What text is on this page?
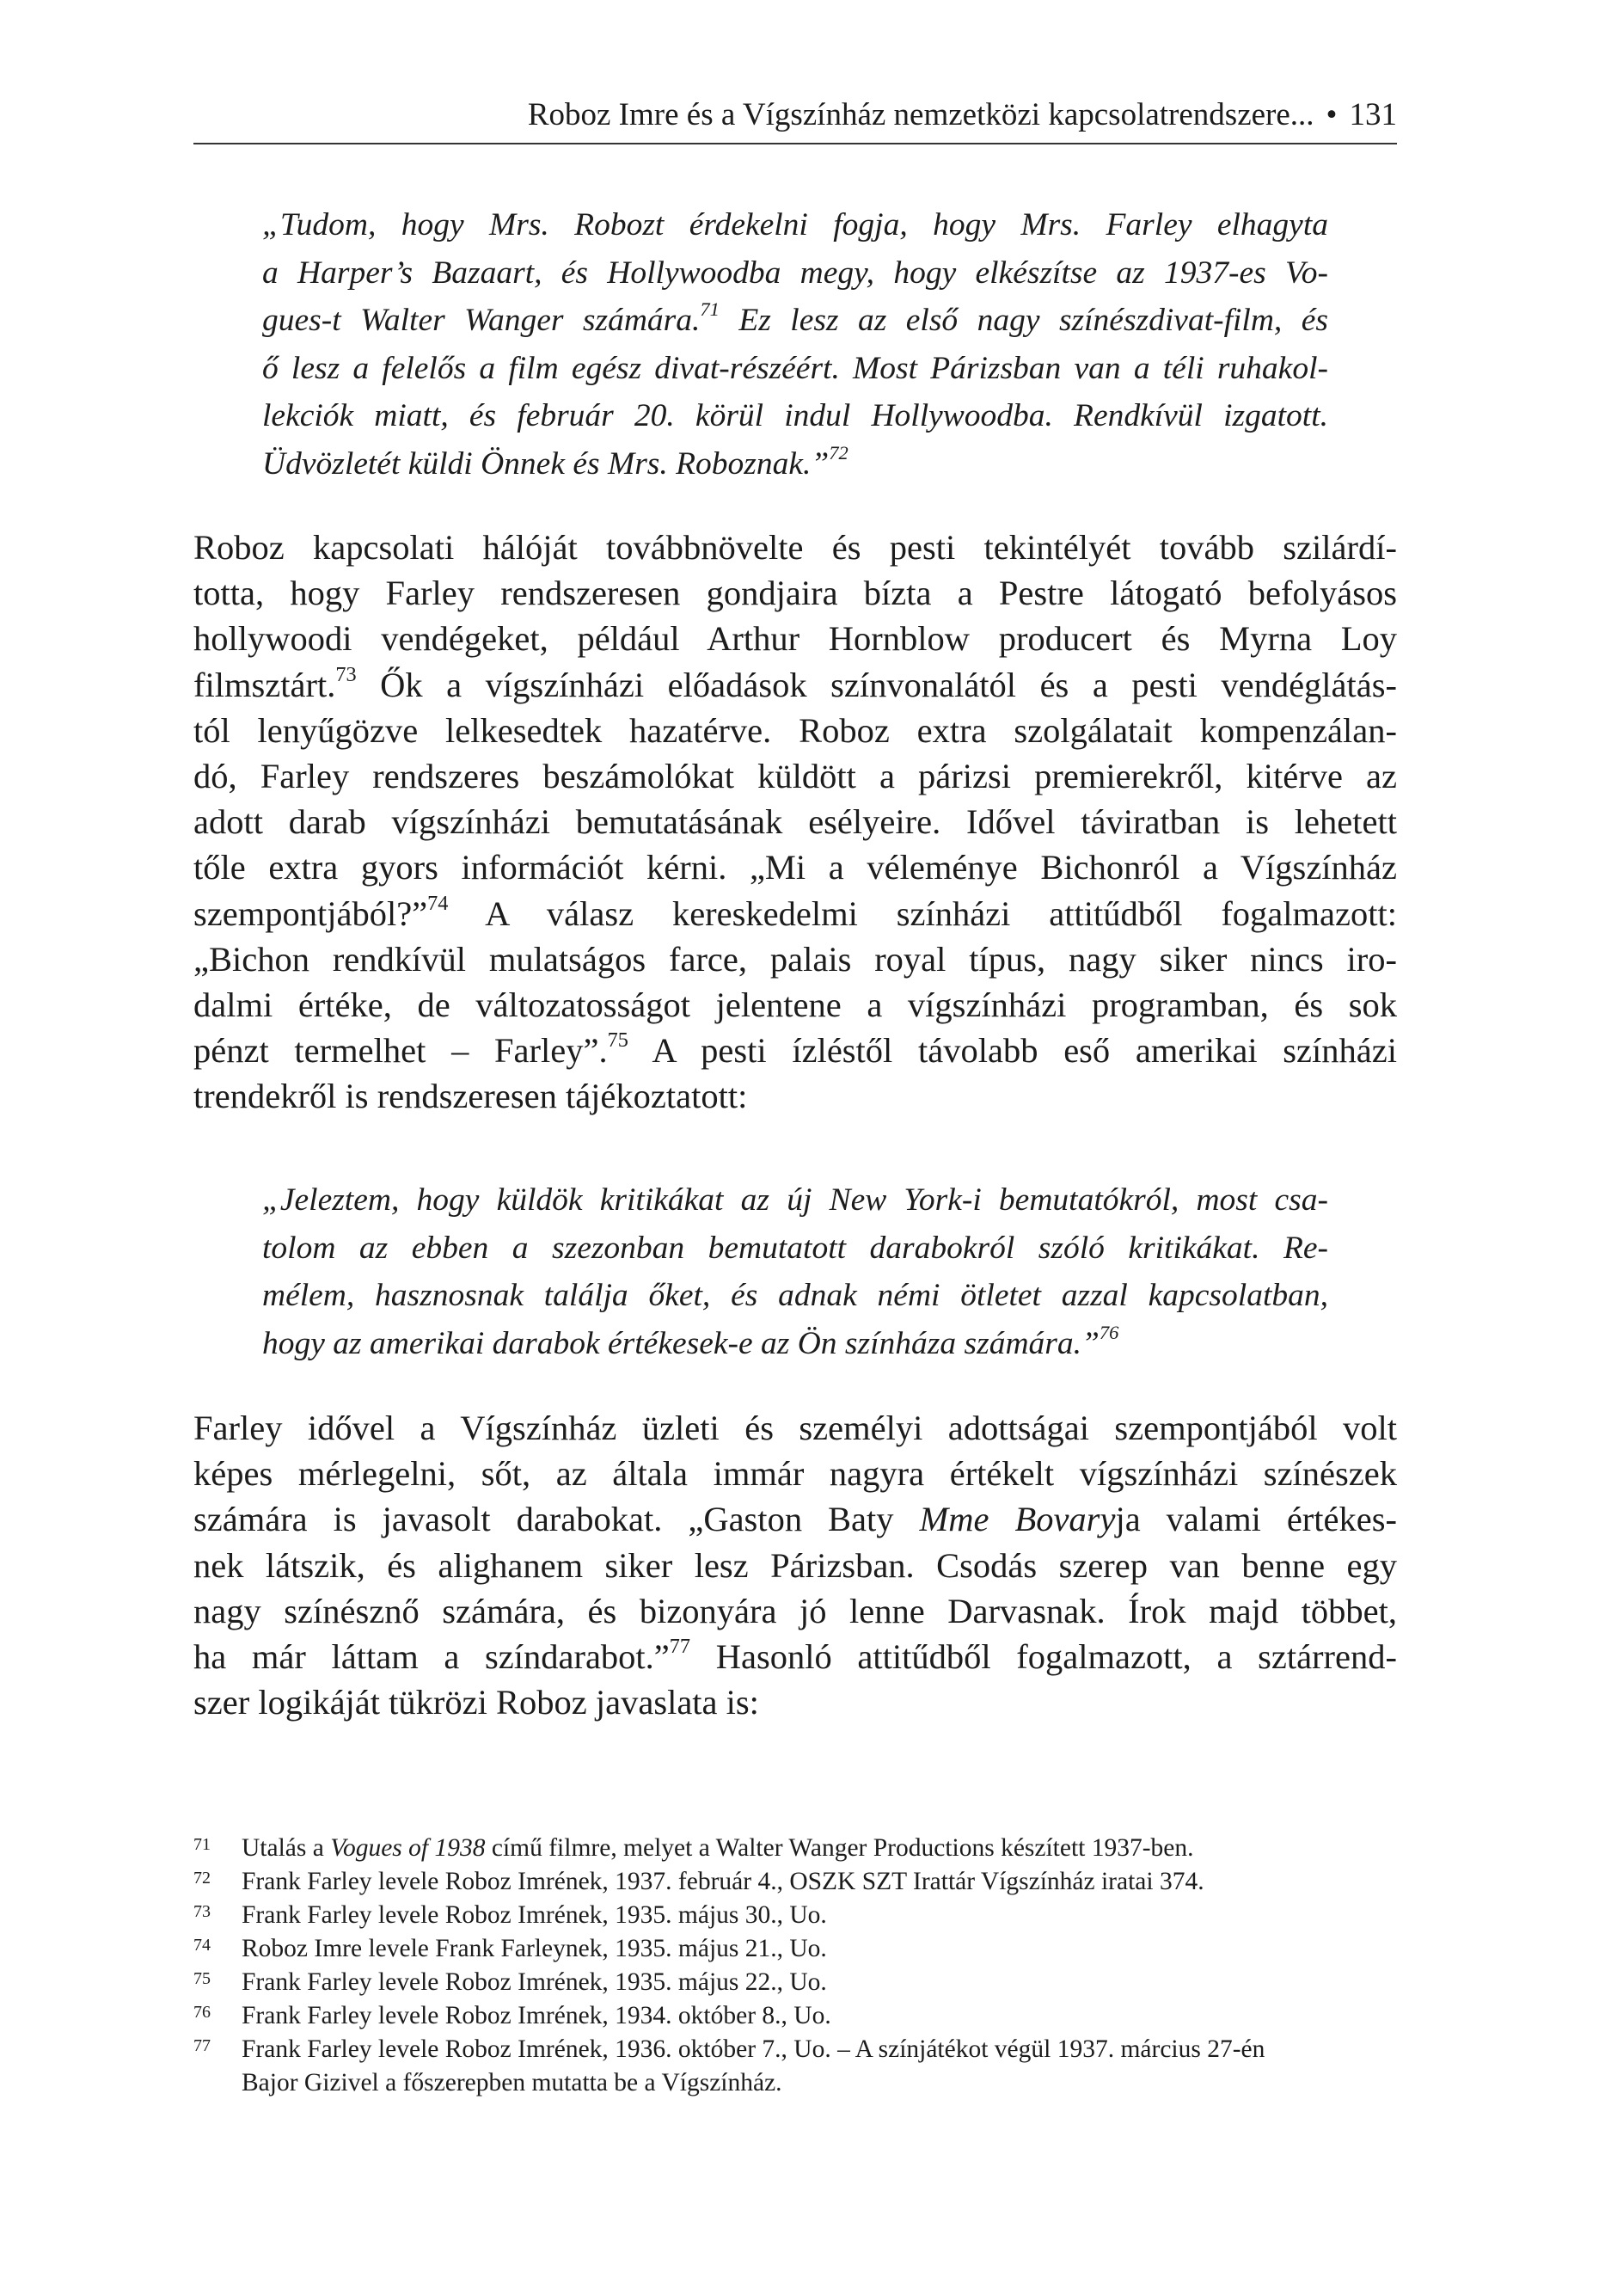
Roboz Imre és a Vígszínház nemzetközi kapcsolatrendszere... • 131
„Tudom, hogy Mrs. Robozt érdekelni fogja, hogy Mrs. Farley elhagyta
a Harper’s Bazaart, és Hollywoodba megy, hogy elkészítse az 1937-es Vo-
gues-t Walter Wanger számára.$^{71}$ Ez lesz az első nagy színészdivat-film, és
ő lesz a felelős a film egész divat-részéért. Most Párizsban van a téli ruhakol-
lekciók miatt, és február 20. körül indul Hollywoodba. Rendkívül izgatott.
Üdvözletét küldi Önnek és Mrs. Roboznak.”$^{72}$
Roboz kapcsolati hálóját továbbnövelte és pesti tekintélyét tovább szilárdí-
totta, hogy Farley rendszeresen gondjaira bízta a Pestre látogató befolyásos
hollywoodi vendégeket, például Arthur Hornblow producert és Myrna Loy
filmsztárt.$^{73}$ Ők a vígszínházi előadások színvonalától és a pesti vendéglátás-
tól lenyűgözve lelkesedtek hazatérve. Roboz extra szolgálatait kompenzálan-
dó, Farley rendszeres beszámolókat küldött a párizsi premierekről, kitérve az
adott darab vígszínházi bemutatásának esélyeire. Idővel táviratban is lehetett
tőle extra gyors információt kérni. „Mi a véleménye Bichonról a Vígszínház
szempontjából?”$^{74}$ A válasz kereskedelmi színházi attitűdből fogalmazott:
„Bichon rendkívül mulatságos farce, palais royal típus, nagy siker nincs iro-
dalmi értéke, de változatosságot jelentene a vígszínházi programban, és sok
pénzt termelhet – Farley”.$^{75}$ A pesti ízléstől távolabb eső amerikai színházi
trendekről is rendszeresen tájékoztatott:
„Jeleztem, hogy küldök kritikákat az új New York-i bemutatókról, most csa-
tolom az ebben a szezonban bemutatott darabokról szóló kritikákat. Re-
mélem, hasznosnak találja őket, és adnak némi ötletet azzal kapcsolatban,
hogy az amerikai darabok értékesek-e az Ön színháza számára.”$^{76}$
Farley idővel a Vígszínház üzleti és személyi adottságai szempontjából volt
képes mérlegelni, sőt, az általa immár nagyra értékelt vígszínházi színészek
számára is javasolt darabokat. „Gaston Baty Mme Bovaryja valami értékes-
nek látszik, és alighanem siker lesz Párizsban. Csodás szerep van benne egy
nagy színésznő számára, és bizonyára jó lenne Darvasnak. Írok majd többet,
ha már láttam a színdarabot.”$^{77}$ Hasonló attitűdből fogalmazott, a sztárrend-
szer logikáját tükrözi Roboz javaslata is:
71	Utalás a Vogues of 1938 című filmre, melyet a Walter Wanger Productions készített 1937-ben.
72	Frank Farley levele Roboz Imrének, 1937. február 4., OSZK SZT Irattár Vígszínház iratai 374.
73	Frank Farley levele Roboz Imrének, 1935. május 30., Uo.
74	Roboz Imre levele Frank Farleynek, 1935. május 21., Uo.
75	Frank Farley levele Roboz Imrének, 1935. május 22., Uo.
76	Frank Farley levele Roboz Imrének, 1934. október 8., Uo.
77	Frank Farley levele Roboz Imrének, 1936. október 7., Uo. – A színjátékot végül 1937. március 27-én
Bajor Gizivel a főszerepben mutatta be a Vígszínház.
